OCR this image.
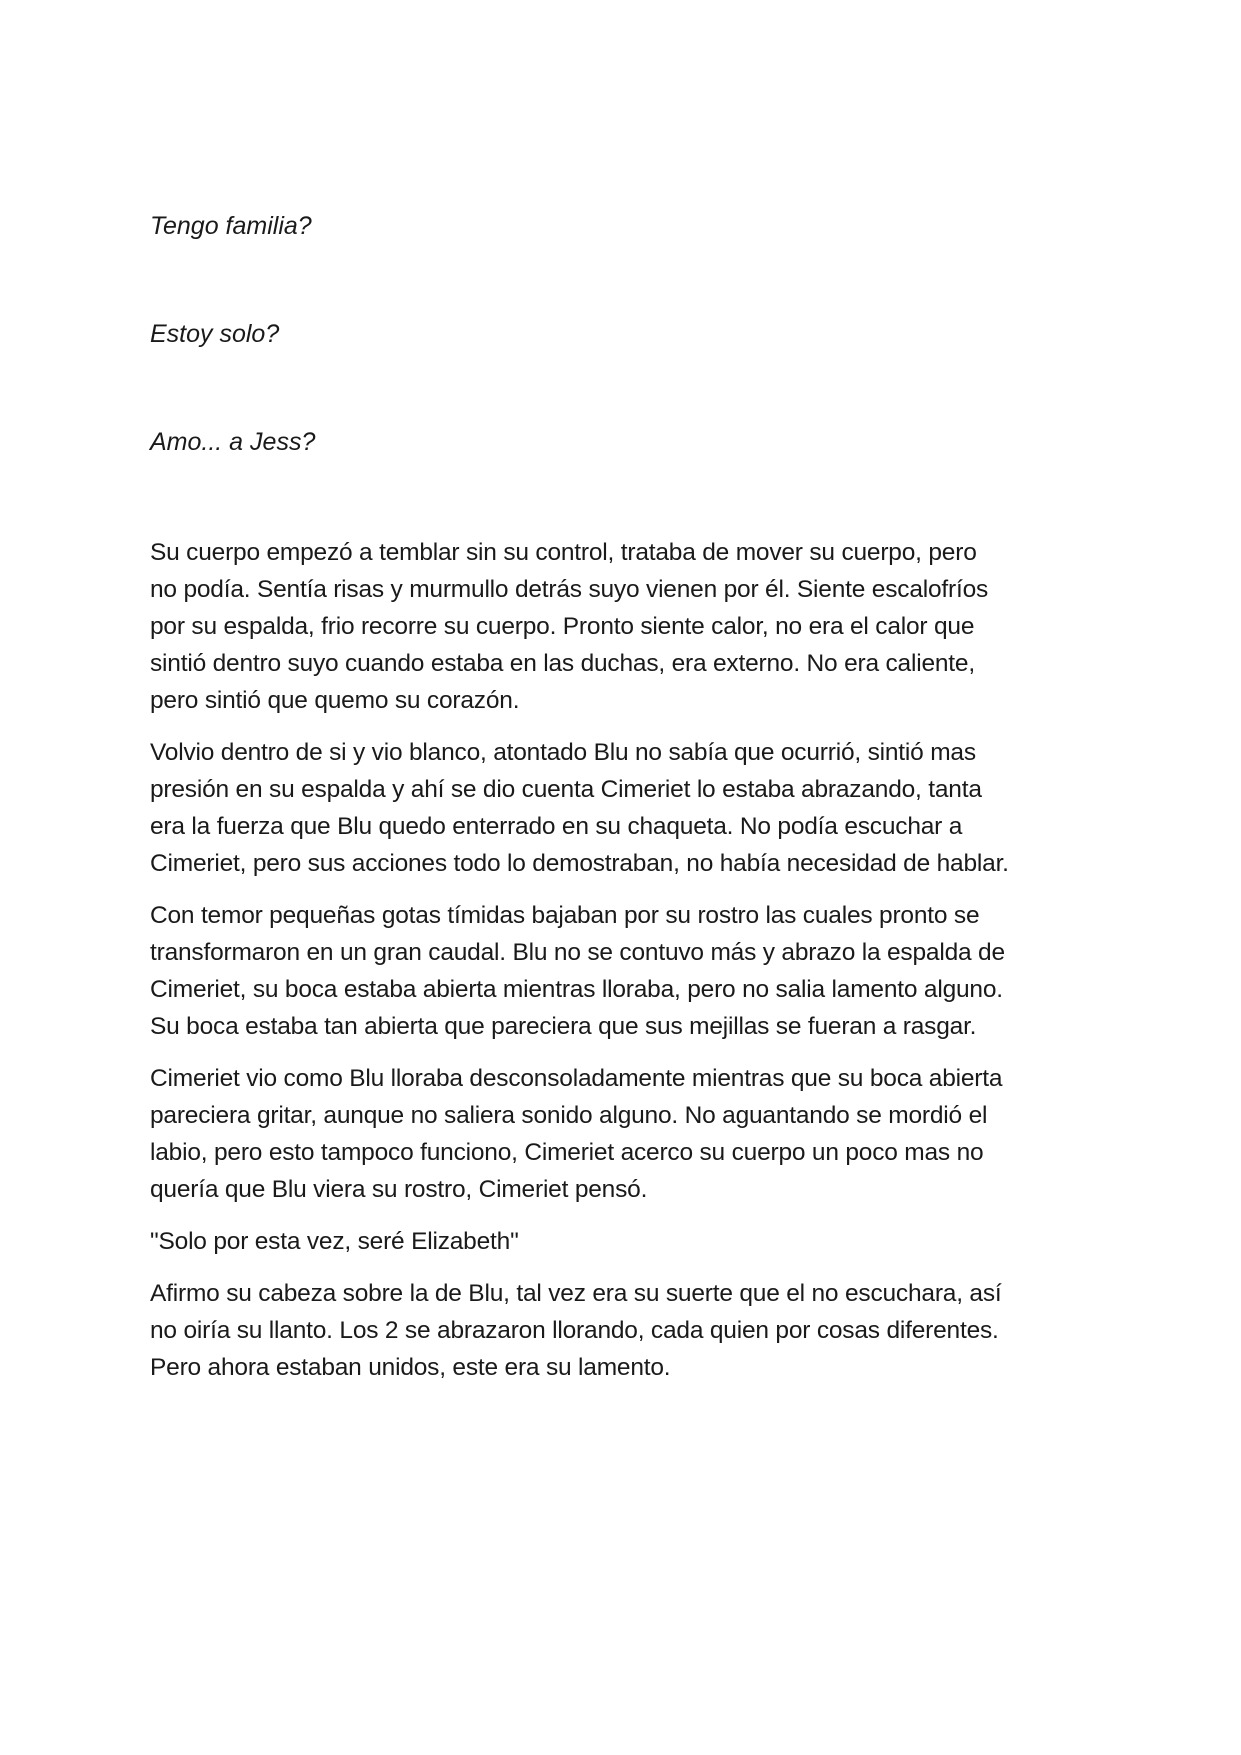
Tengo familia?

Estoy solo?

Amo... a Jess?

Su cuerpo empezó a temblar sin su control, trataba de mover su cuerpo, pero
no podía. Sentía risas y murmullo detrás suyo vienen por él. Siente escalofríos
por su espalda, frio recorre su cuerpo. Pronto siente calor, no era el calor que
sintió dentro suyo cuando estaba en las duchas, era externo. No era caliente,
pero sintió que quemo su corazón.

Volvio dentro de si y vio blanco, atontado Blu no sabía que ocurrió, sintió mas
presión en su espalda y ahí se dio cuenta Cimeriet lo estaba abrazando, tanta
era la fuerza que Blu quedo enterrado en su chaqueta. No podía escuchar a
Cimeriet, pero sus acciones todo lo demostraban, no había necesidad de hablar.

Con temor pequeñas gotas tímidas bajaban por su rostro las cuales pronto se
transformaron en un gran caudal. Blu no se contuvo más y abrazo la espalda de
Cimeriet, su boca estaba abierta mientras lloraba, pero no salia lamento alguno.
Su boca estaba tan abierta que pareciera que sus mejillas se fueran a rasgar.

Cimeriet vio como Blu lloraba desconsoladamente mientras que su boca abierta
pareciera gritar, aunque no saliera sonido alguno. No aguantando se mordió el
labio, pero esto tampoco funciono, Cimeriet acerco su cuerpo un poco mas no
quería que Blu viera su rostro, Cimeriet pensó.

"Solo por esta vez, seré Elizabeth"

Afirmo su cabeza sobre la de Blu, tal vez era su suerte que el no escuchara, así
no oiría su llanto. Los 2 se abrazaron llorando, cada quien por cosas diferentes.
Pero ahora estaban unidos, este era su lamento.
